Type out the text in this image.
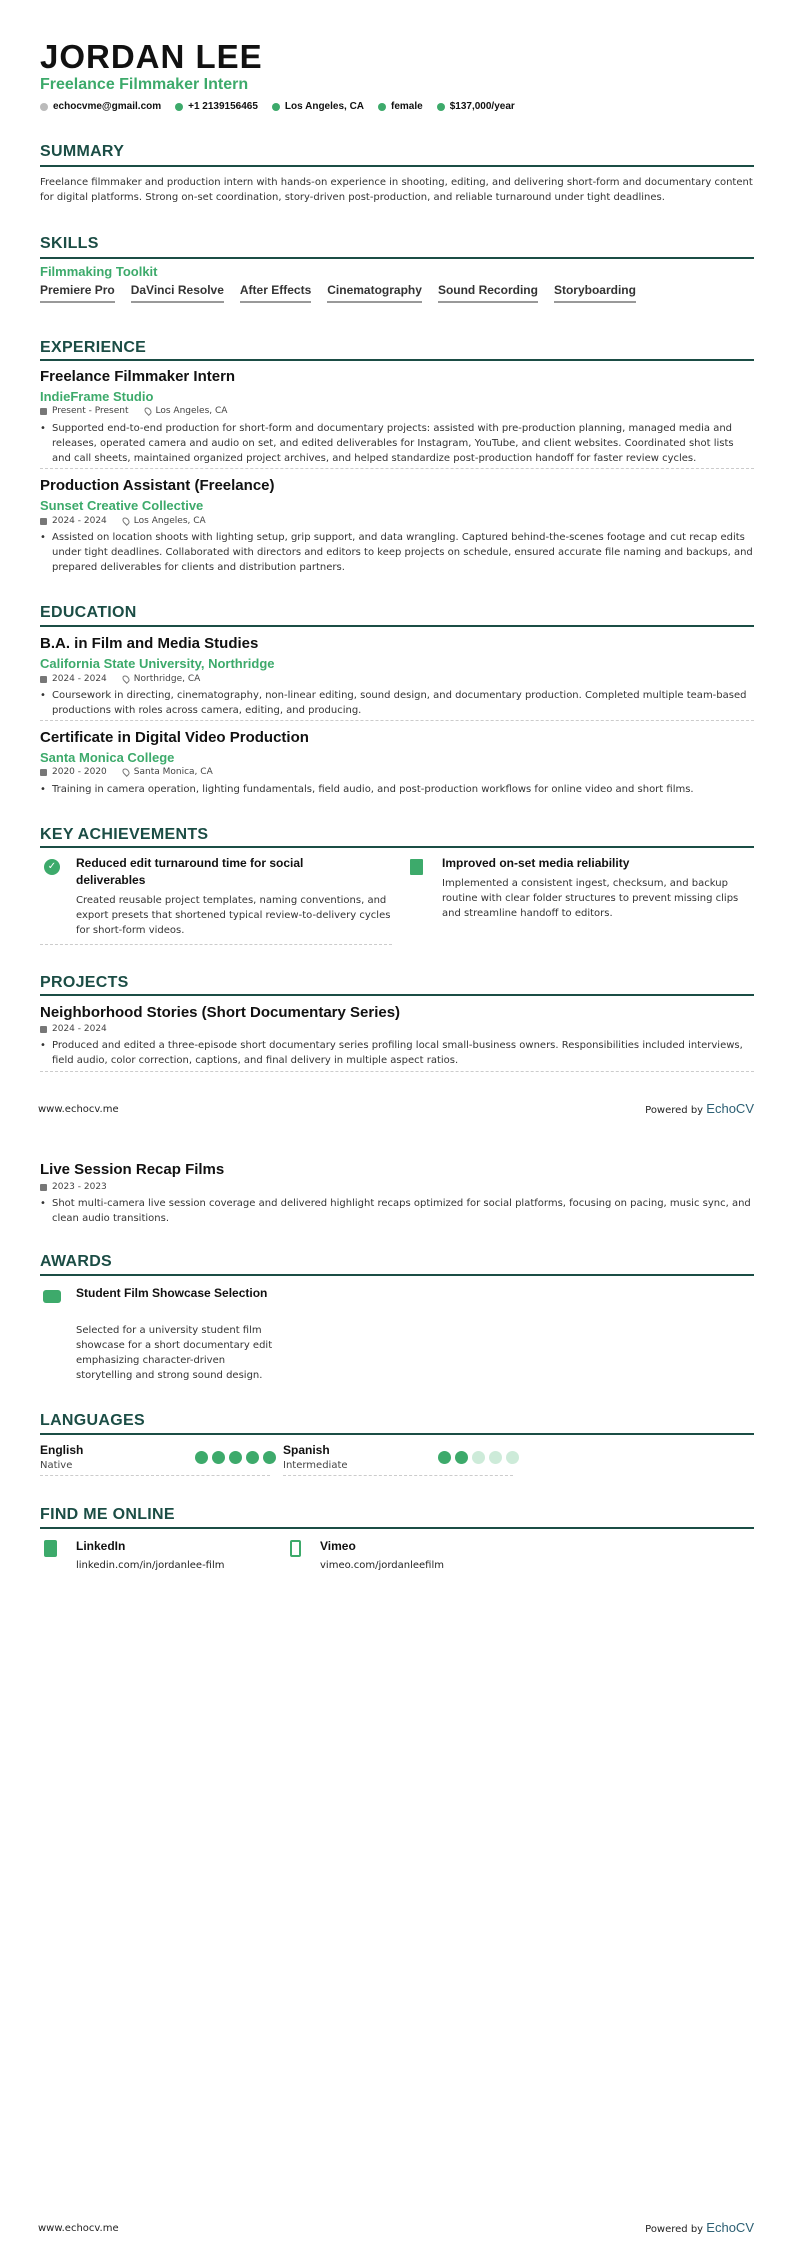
JORDAN LEE
Freelance Filmmaker Intern
echocvme@gmail.com	+1 2139156465	Los Angeles, CA	female	$137,000/year
SUMMARY
Freelance filmmaker and production intern with hands-on experience in shooting, editing, and delivering short-form and documentary content for digital platforms. Strong on-set coordination, story-driven post-production, and reliable turnaround under tight deadlines.
SKILLS
Filmmaking Toolkit
Premiere Pro DaVinci Resolve After Effects Cinematography Sound Recording Storyboarding
EXPERIENCE
Freelance Filmmaker Intern
IndieFrame Studio
Present - Present	Los Angeles, CA
• Supported end-to-end production for short-form and documentary projects: assisted with pre-production planning, managed media and releases, operated camera and audio on set, and edited deliverables for Instagram, YouTube, and client websites. Coordinated shot lists and call sheets, maintained organized project archives, and helped standardize post-production handoff for faster review cycles.
Production Assistant (Freelance)
Sunset Creative Collective
2024 - 2024	Los Angeles, CA
• Assisted on location shoots with lighting setup, grip support, and data wrangling. Captured behind-the-scenes footage and cut recap edits under tight deadlines. Collaborated with directors and editors to keep projects on schedule, ensured accurate file naming and backups, and prepared deliverables for clients and distribution partners.
EDUCATION
B.A. in Film and Media Studies
California State University, Northridge
2024 - 2024	Northridge, CA
• Coursework in directing, cinematography, non-linear editing, sound design, and documentary production. Completed multiple team-based productions with roles across camera, editing, and producing.
Certificate in Digital Video Production
Santa Monica College
2020 - 2020	Santa Monica, CA
• Training in camera operation, lighting fundamentals, field audio, and post-production workflows for online video and short films.
KEY ACHIEVEMENTS
✓	Reduced edit turnaround time for social deliverables
Created reusable project templates, naming conventions, and export presets that shortened typical review-to-delivery cycles for short-form videos.
Improved on-set media reliability
Implemented a consistent ingest, checksum, and backup routine with clear folder structures to prevent missing clips and streamline handoff to editors.
PROJECTS
Neighborhood Stories (Short Documentary Series)
2024 - 2024
• Produced and edited a three-episode short documentary series profiling local small-business owners. Responsibilities included interviews, field audio, color correction, captions, and final delivery in multiple aspect ratios.
www.echocv.me	Powered by EchoCV
Live Session Recap Films
2023 - 2023
• Shot multi-camera live session coverage and delivered highlight recaps optimized for social platforms, focusing on pacing, music sync, and clean audio transitions.
AWARDS
Student Film Showcase Selection
Selected for a university student film showcase for a short documentary edit emphasizing character-driven storytelling and strong sound design.
LANGUAGES
English
Native
Spanish
Intermediate
FIND ME ONLINE
LinkedIn
linkedin.com/in/jordanlee-film
Vimeo
vimeo.com/jordanleefilm
www.echocv.me	Powered by EchoCV
